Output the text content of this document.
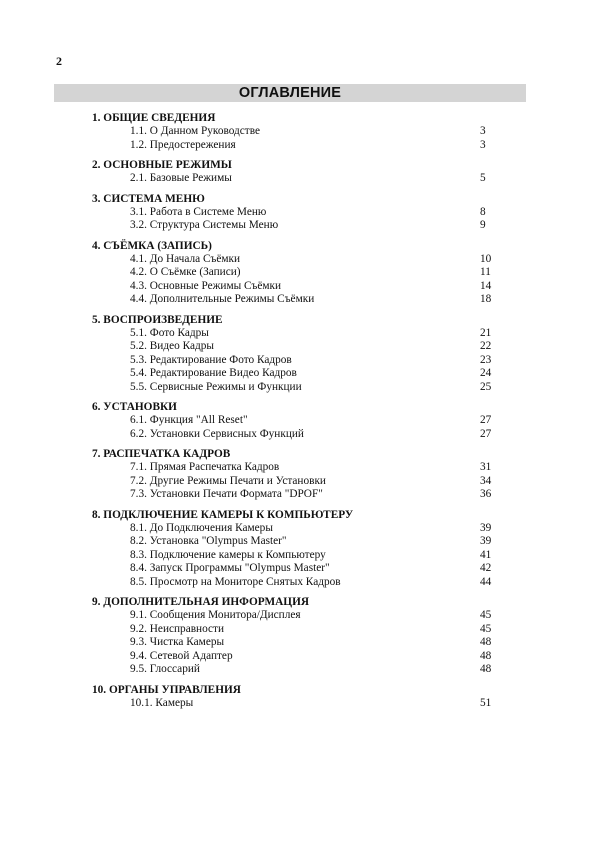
2
ОГЛАВЛЕНИЕ
1. ОБЩИЕ СВЕДЕНИЯ
1.1. О Данном Руководстве	3
1.2. Предостережения	3
2. ОСНОВНЫЕ РЕЖИМЫ
2.1. Базовые Режимы	5
3. СИСТЕМА МЕНЮ
3.1. Работа в Системе Меню	8
3.2. Структура Системы Меню	9
4. СЪЁМКА (ЗАПИСЬ)
4.1. До Начала Съёмки	10
4.2. О Съёмке (Записи)	11
4.3. Основные Режимы Съёмки	14
4.4. Дополнительные Режимы Съёмки	18
5. ВОСПРОИЗВЕДЕНИЕ
5.1. Фото Кадры	21
5.2. Видео Кадры	22
5.3. Редактирование Фото Кадров	23
5.4. Редактирование Видео Кадров	24
5.5. Сервисные Режимы и Функции	25
6. УСТАНОВКИ
6.1. Функция "All Reset"	27
6.2. Установки Сервисных Функций	27
7. РАСПЕЧАТКА КАДРОВ
7.1. Прямая Распечатка Кадров	31
7.2. Другие Режимы Печати и Установки	34
7.3. Установки Печати Формата "DPOF"	36
8. ПОДКЛЮЧЕНИЕ КАМЕРЫ К КОМПЬЮТЕРУ
8.1. До Подключения Камеры	39
8.2. Установка "Olympus Master"	39
8.3. Подключение камеры к Компьютеру	41
8.4. Запуск Программы "Olympus Master"	42
8.5. Просмотр на Мониторе Снятых Кадров	44
9. ДОПОЛНИТЕЛЬНАЯ ИНФОРМАЦИЯ
9.1. Сообщения Монитора/Дисплея	45
9.2. Неисправности	45
9.3. Чистка Камеры	48
9.4. Сетевой Адаптер	48
9.5. Глоссарий	48
10. ОРГАНЫ УПРАВЛЕНИЯ
10.1. Камеры	51
